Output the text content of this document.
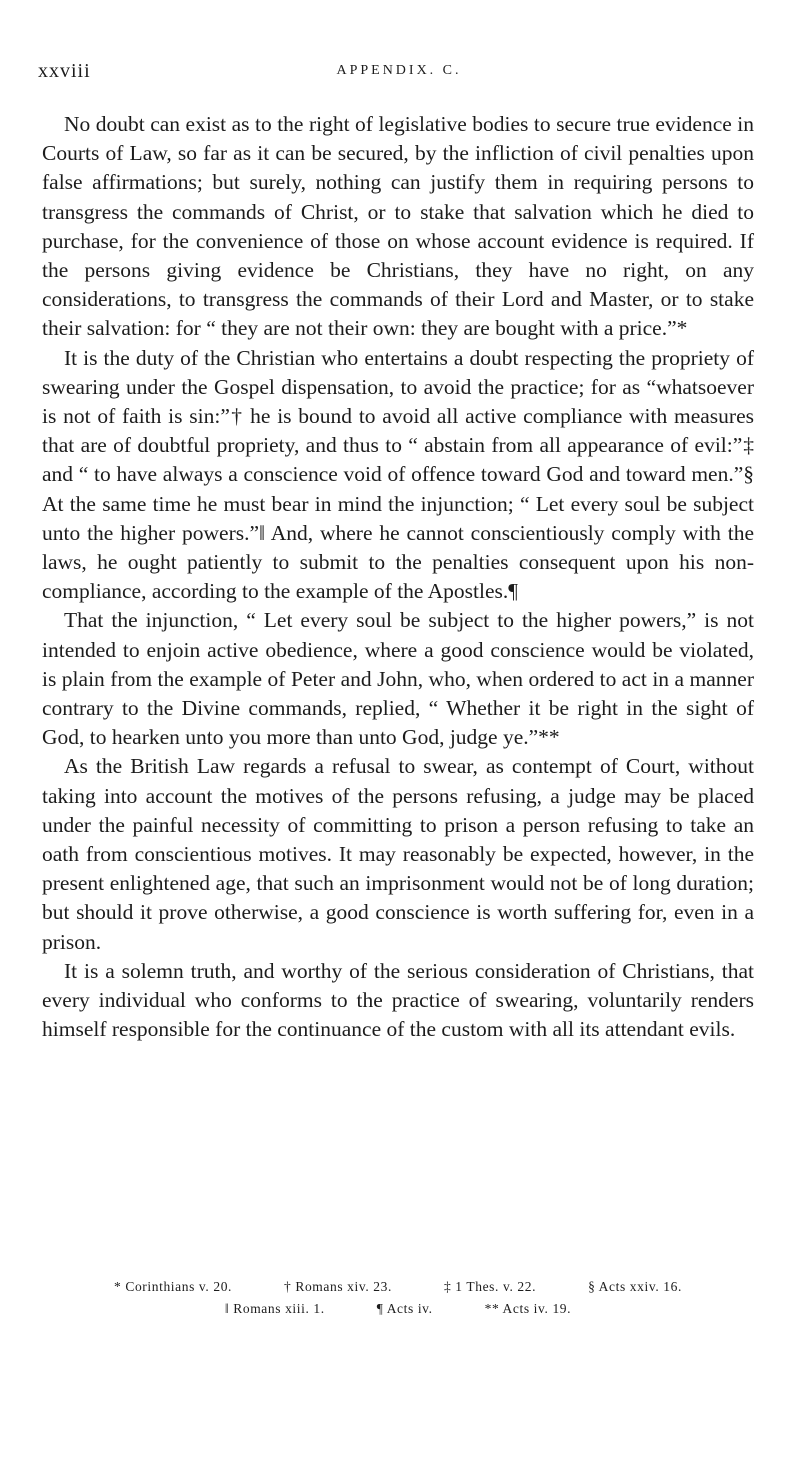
xxviii	APPENDIX. C.

No doubt can exist as to the right of legislative bodies to secure true evidence in Courts of Law, so far as it can be secured, by the infliction of civil penalties upon false affirmations; but surely, nothing can justify them in requiring persons to transgress the commands of Christ, or to stake that salvation which he died to purchase, for the convenience of those on whose account evidence is required. If the persons giving evidence be Christians, they have no right, on any considerations, to transgress the commands of their Lord and Master, or to stake their salvation: for “ they are not their own: they are bought with a price.”*

It is the duty of the Christian who entertains a doubt respecting the propriety of swearing under the Gospel dispensation, to avoid the practice; for as “whatsoever is not of faith is sin:”† he is bound to avoid all active compliance with measures that are of doubtful propriety, and thus to “ abstain from all appearance of evil:”‡ and “ to have always a conscience void of offence toward God and toward men.”§ At the same time he must bear in mind the injunction; “ Let every soul be subject unto the higher powers.”‖ And, where he cannot conscientiously comply with the laws, he ought patiently to submit to the penalties consequent upon his non-compliance, according to the example of the Apostles.¶

That the injunction, “ Let every soul be subject to the higher powers,” is not intended to enjoin active obedience, where a good conscience would be violated, is plain from the example of Peter and John, who, when ordered to act in a manner contrary to the Divine commands, replied, “ Whether it be right in the sight of God, to hearken unto you more than unto God, judge ye.”**

As the British Law regards a refusal to swear, as contempt of Court, without taking into account the motives of the persons refusing, a judge may be placed under the painful necessity of committing to prison a person refusing to take an oath from conscientious motives. It may reasonably be expected, however, in the present enlightened age, that such an imprisonment would not be of long duration; but should it prove otherwise, a good conscience is worth suffering for, even in a prison.

It is a solemn truth, and worthy of the serious consideration of Christians, that every individual who conforms to the practice of swearing, voluntarily renders himself responsible for the continuance of the custom with all its attendant evils.

* Corinthians v. 20.	† Romans xiv. 23.	‡ 1 Thes. v. 22.	§ Acts xxiv. 16.
‖ Romans xiii. 1.	¶ Acts iv.	** Acts iv. 19.
